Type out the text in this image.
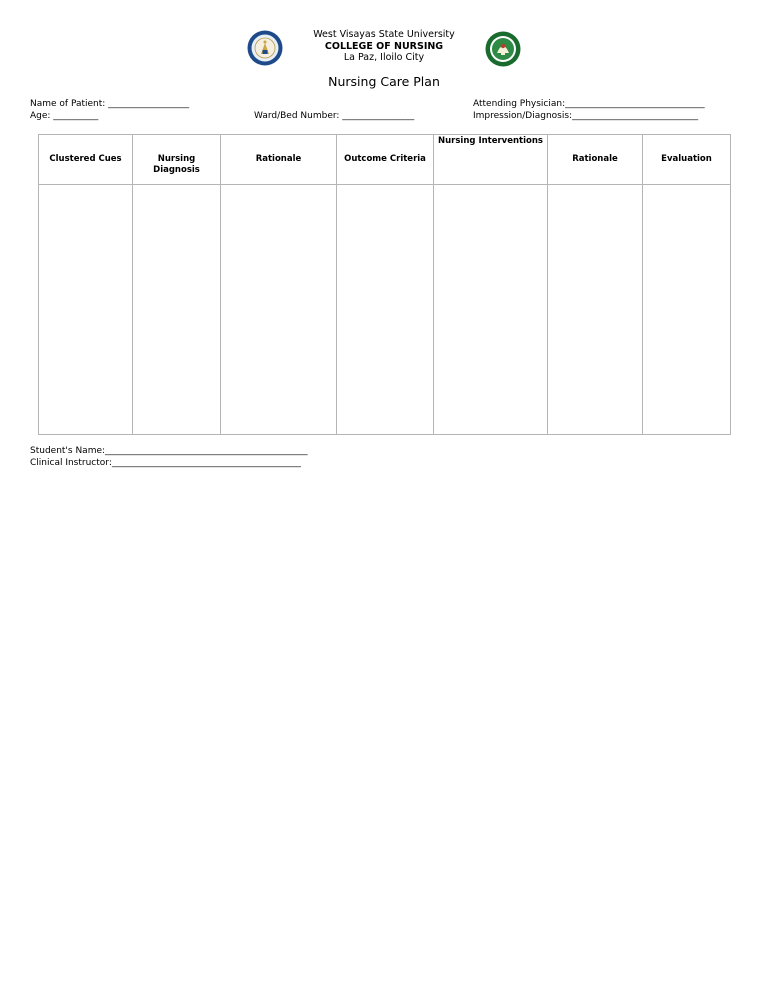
West Visayas State University
COLLEGE OF NURSING
La Paz, Iloilo City
Nursing Care Plan
Name of Patient: __________________
Age: __________	Ward/Bed Number: ________________
Attending Physician:_______________________________
Impression/Diagnosis:____________________________
Clustered Cues	Nursing Diagnosis	Rationale	Outcome Criteria	Nursing Interventions	Rationale	Evaluation

Student's Name:_____________________________________________
Clinical Instructor:__________________________________________
